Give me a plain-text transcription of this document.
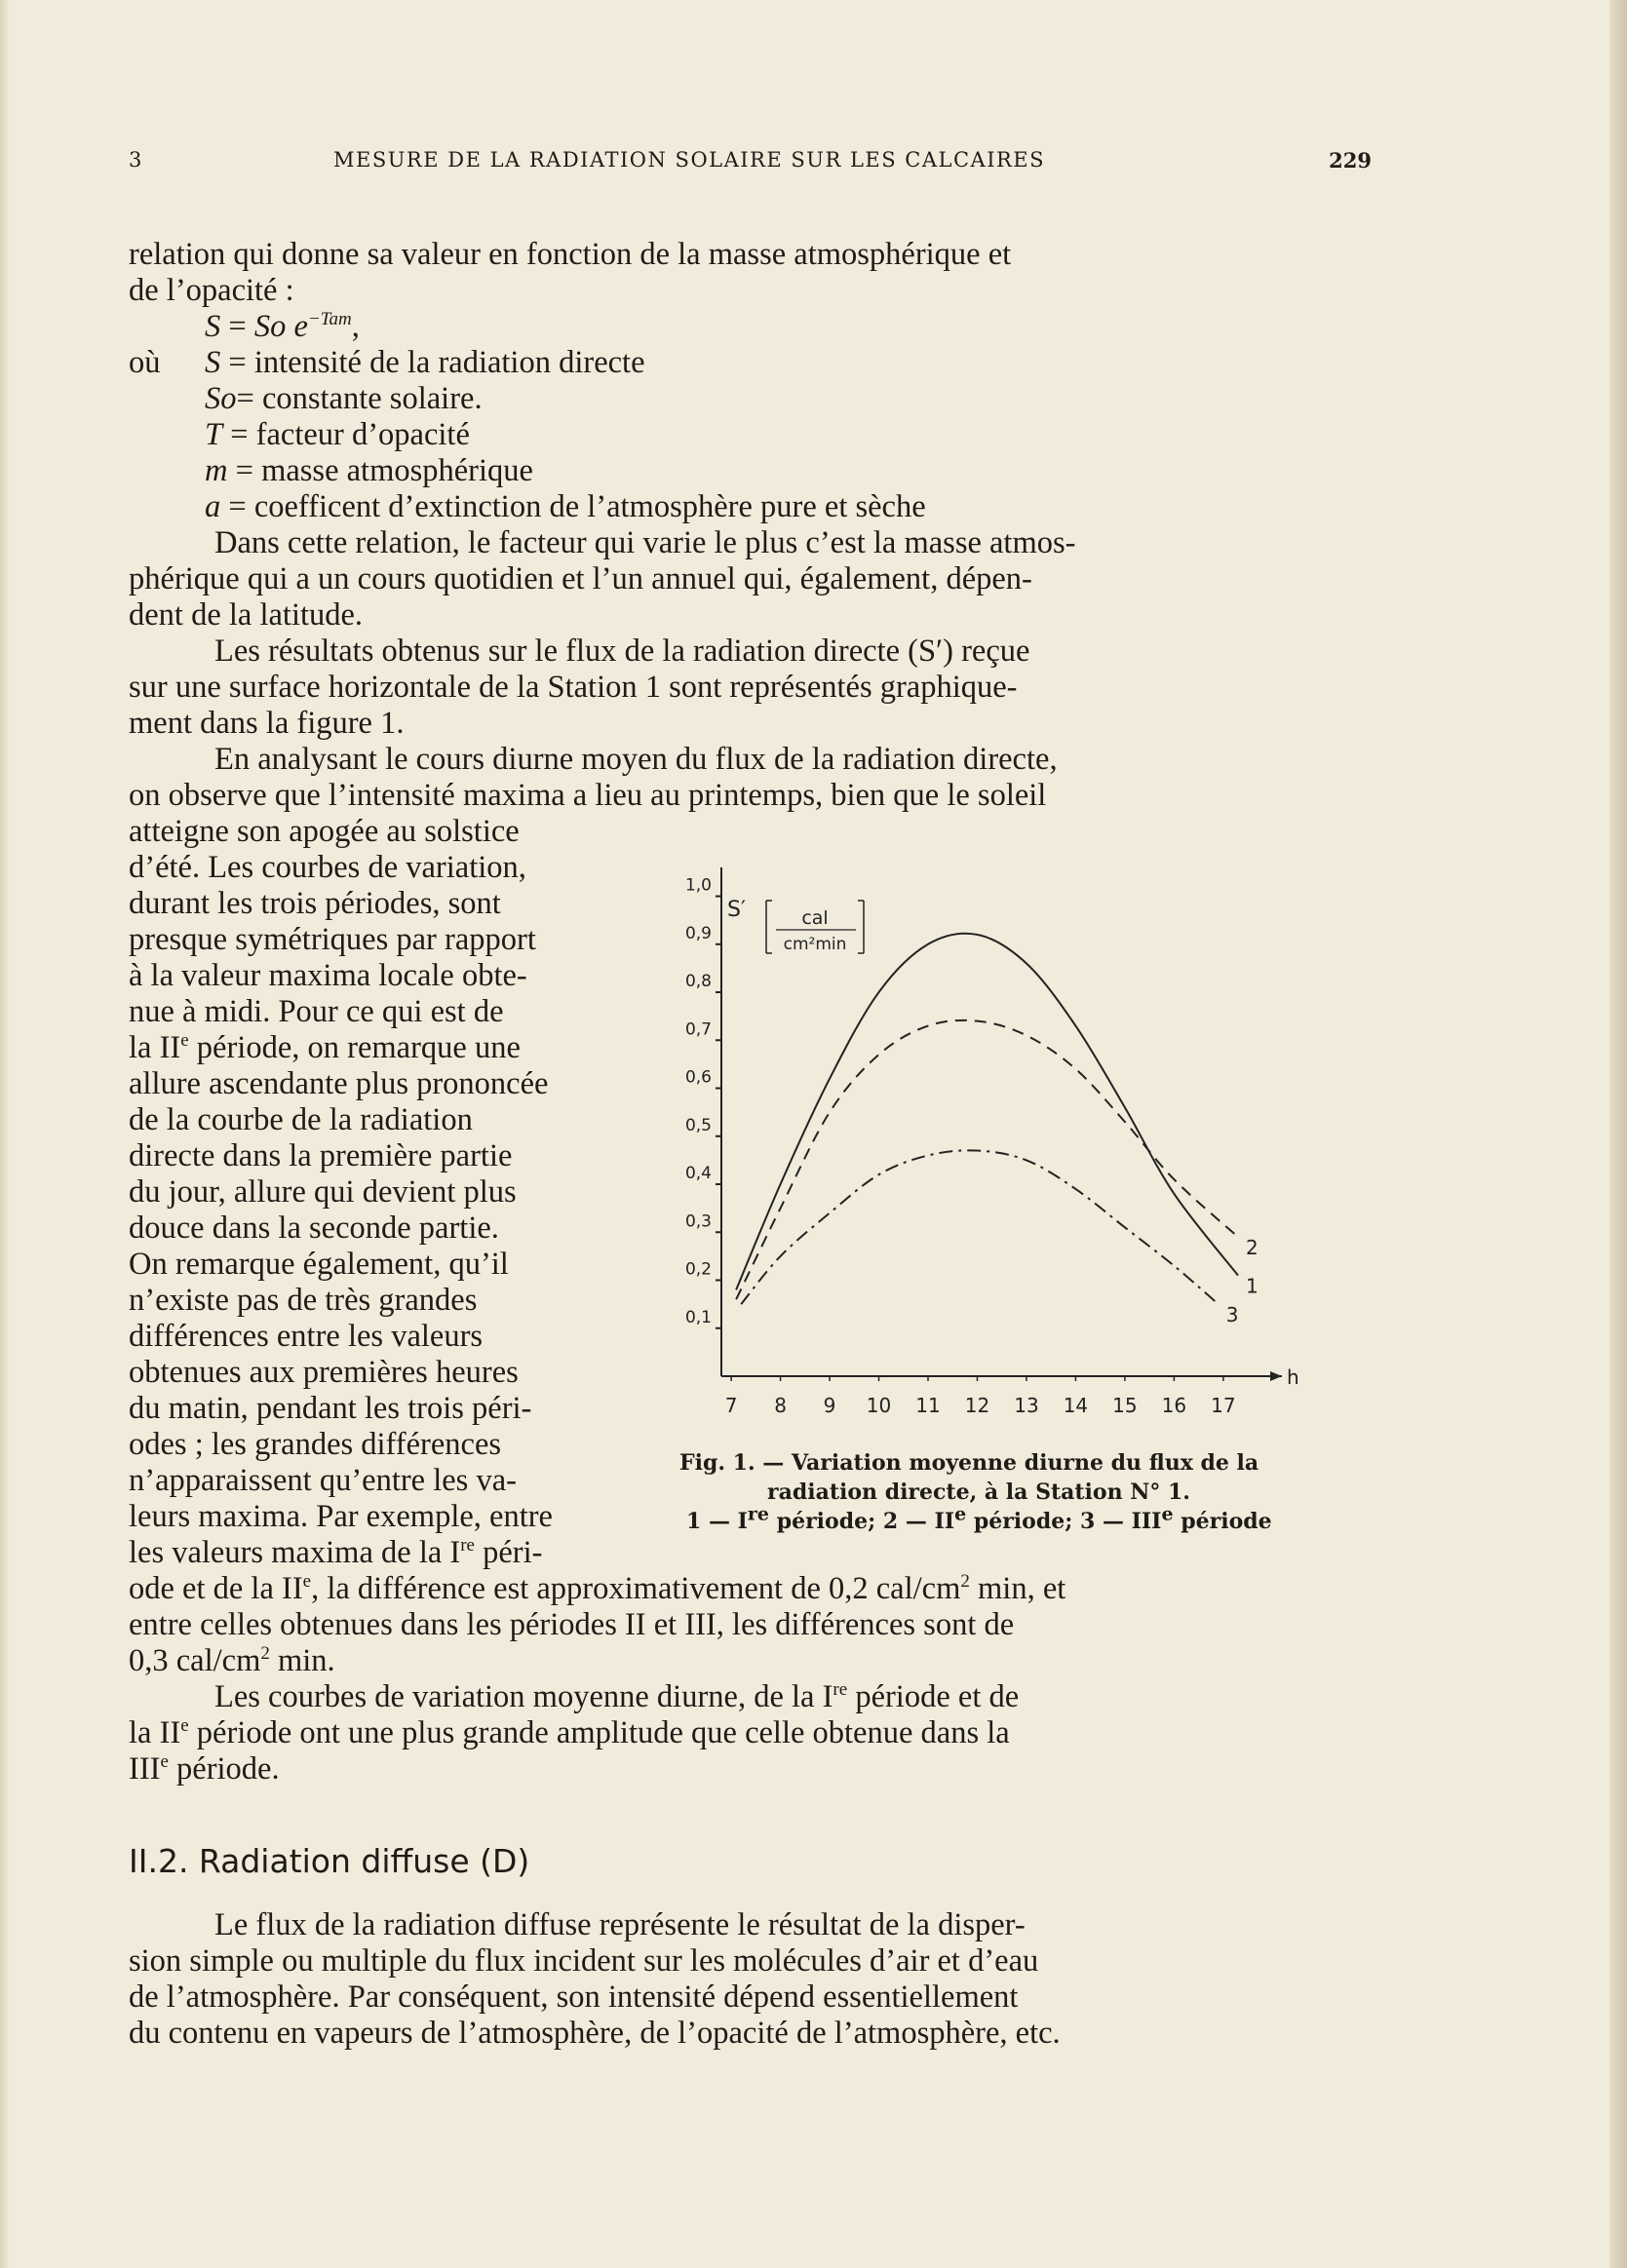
3	MESURE DE LA RADIATION SOLAIRE SUR LES CALCAIRES	229
relation qui donne sa valeur en fonction de la masse atmosphérique et
de l’opacité :
S = So $e^{-Tam}$,
où S = intensité de la radiation directe
So= constante solaire.
T = facteur d’opacité
m = masse atmosphérique
a = coefficent d’extinction de l’atmosphère pure et sèche
Dans cette relation, le facteur qui varie le plus c’est la masse atmos-
phérique qui a un cours quotidien et l’un annuel qui, également, dépen-
dent de la latitude.
Les résultats obtenus sur le flux de la radiation directe (S′) reçue
sur une surface horizontale de la Station 1 sont représentés graphique-
ment dans la figure 1.
En analysant le cours diurne moyen du flux de la radiation directe,
on observe que l’intensité maxima a lieu au printemps, bien que le soleil
atteigne son apogée au solstice
d’été. Les courbes de variation,
durant les trois périodes, sont
presque symétriques par rapport
à la valeur maxima locale obte-
nue à midi. Pour ce qui est de
la IIe période, on remarque une
allure ascendante plus prononcée
de la courbe de la radiation
directe dans la première partie
du jour, allure qui devient plus
douce dans la seconde partie.
On remarque également, qu’il
n’existe pas de très grandes
différences entre les valeurs
obtenues aux premières heures
du matin, pendant les trois péri-
odes ; les grandes différences
n’apparaissent qu’entre les va-
leurs maxima. Par exemple, entre
les valeurs maxima de la Ire péri-
ode et de la IIe, la différence est approximativement de 0,2 cal/$cm^2$ min, et
entre celles obtenues dans les périodes II et III, les différences sont de
0,3 cal/$cm^2$ min.
Les courbes de variation moyenne diurne, de la Ire période et de
la IIe période ont une plus grande amplitude que celle obtenue dans la
IIIe période.
II.2. Radiation diffuse (D)
Le flux de la radiation diffuse représente le résultat de la disper-
sion simple ou multiple du flux incident sur les molécules d’air et d’eau
de l’atmosphère. Par conséquent, son intensité dépend essentiellement
du contenu en vapeurs de l’atmosphère, de l’opacité de l’atmosphère, etc.
h
0,1
0,2
0,3
0,4
0,5
0,6
0,7
0,8
0,9
1,0
7 8 9 10 11 12 13 14 15 16 17
S′	cal
cm²min
1
2
3
Fig. 1. — Variation moyenne diurne du flux de la
radiation directe, à la Station N° 1.
1 — Ire période; 2 — IIe période; 3 — IIIe période
